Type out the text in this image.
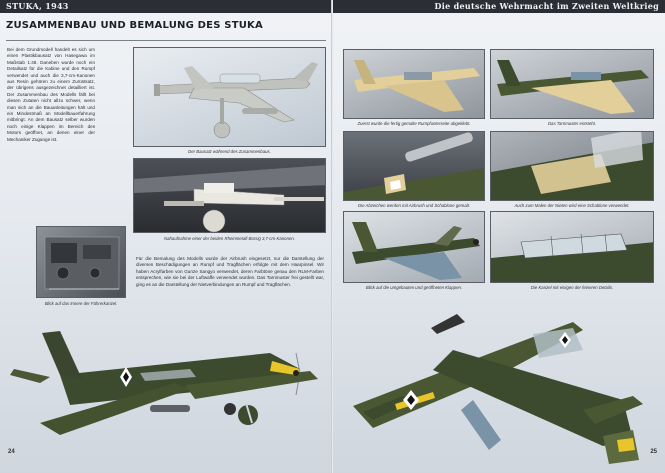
STUKA, 1943
ZUSAMMENBAU UND BEMALUNG DES STUKA

Bei dem Grundmodell handelt es sich um einen Plastikbausatz von Hasegawa im Maßstab 1:48. Daneben wurde noch ein Detailsatz für die Kabine und den Rumpf verwendet und auch die 3,7-cm-Kanonen aus Resin gehören zu einem Zurüstsatz, der übrigens ausgezeichnet detailliert ist. Der Zusammenbau des Modells fällt bei diesen Zutaten nicht allzu schwer, wenn man sich an die Bauanleitungen hält und ein Mindestmaß an Modellbauerfahrung mitbringt. An dem Bausatz selber wurden noch einige Klappen im Bereich des Motors geöffnet, an denen einer der Mechaniker Zugange ist.

Der Bausatz während des Zusammenbaus.
Nahaufnahme einer der beiden Rheinmetall-Borsig 3,7-cm-Kanonen.
Blick auf das Innere der Führerkanzel.

Für die Bemalung des Modells wurde der Airbrush eingesetzt, nur die Darstellung der diversen Beschädigungen an Rumpf und Tragflächen erfolgte mit dem Haarpinsel. Wir haben Acrylfarben von Gunze Sangyo verwendet, deren Farbtöne genau den RLM-Farben entsprechen, wie sie bei der Luftwaffe verwendet wurden. Das Tarnmuster frei gestellt war, ging es an die Darstellung der Nietverbindungen an Rumpf und Tragflächen.

24
Die deutsche Wehrmacht im Zweiten Weltkrieg
Zuerst wurde die fertig gemalte Rumpfunterseite abgeklebt.	Das Tarnmuster entsteht.
Die Abzeichen werden mit Airbrush und Schablone gemalt.	Auch zum Malen der Nieten wird eine Schablone verwendet.
Blick auf die umgebauten und geöffneten Klappen.	Die Kanzel mit einigen der feineren Details.
25
